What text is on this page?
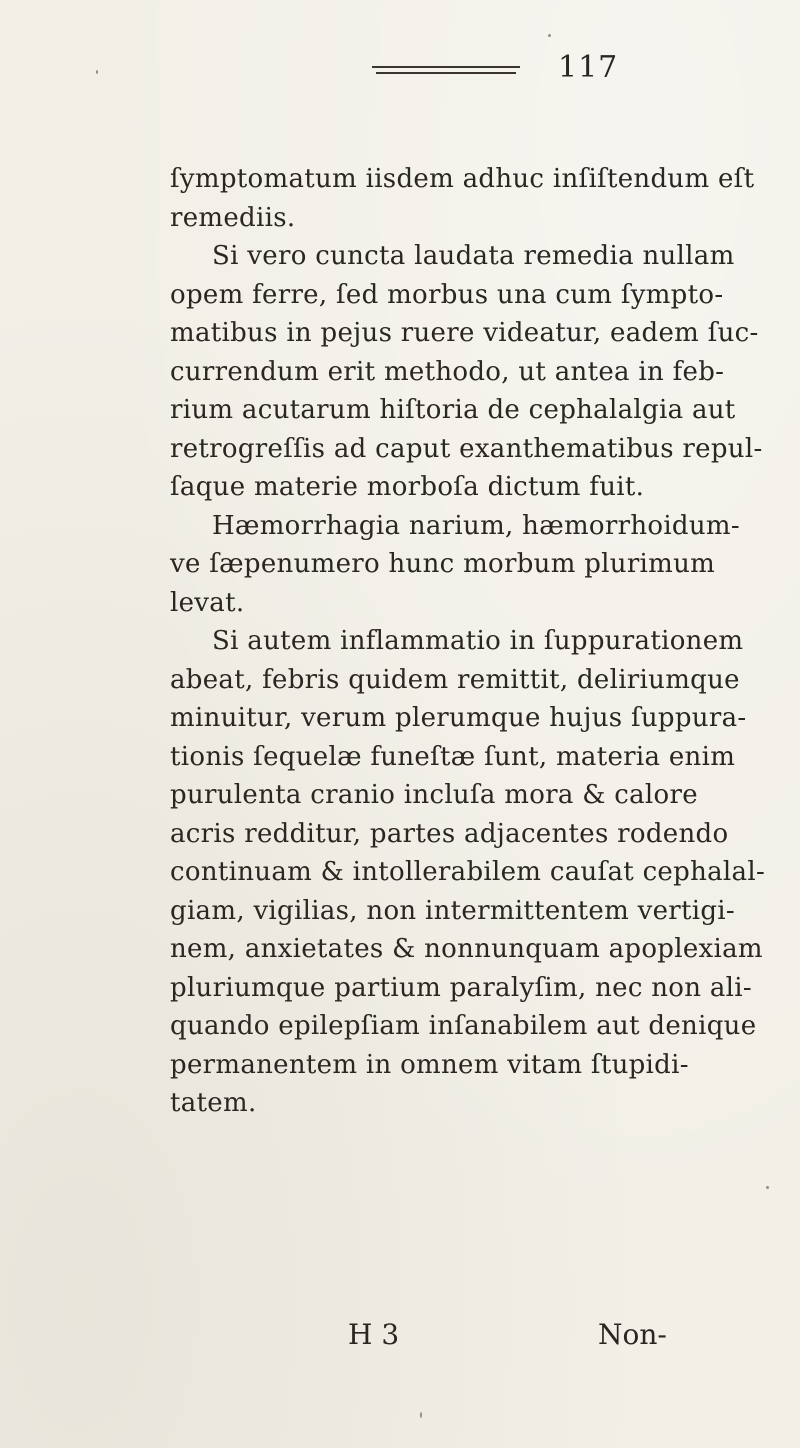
117
ſymptomatum iisdem adhuc inſiſtendum eſt
remediis.
Si vero cuncta laudata remedia nullam
opem ferre, ſed morbus una cum ſympto-
matibus in pejus ruere videatur, eadem ſuc-
currendum erit methodo, ut antea in feb-
rium acutarum hiſtoria de cephalalgia aut
retrogreſſis ad caput exanthematibus repul-
ſaque materie morboſa dictum fuit.
Hæmorrhagia narium, hæmorrhoidum-
ve ſæpenumero hunc morbum plurimum
levat.
Si autem inflammatio in ſuppurationem
abeat, febris quidem remittit, deliriumque
minuitur, verum plerumque hujus ſuppura-
tionis ſequelæ funeſtæ ſunt, materia enim
purulenta cranio incluſa mora & calore
acris redditur, partes adjacentes rodendo
continuam & intollerabilem cauſat cephalal-
giam, vigilias, non intermittentem vertigi-
nem, anxietates & nonnunquam apoplexiam
pluriumque partium paralyſim, nec non ali-
quando epilepſiam inſanabilem aut denique
permanentem in omnem vitam ſtupidi-
tatem.
H 3	Non-
